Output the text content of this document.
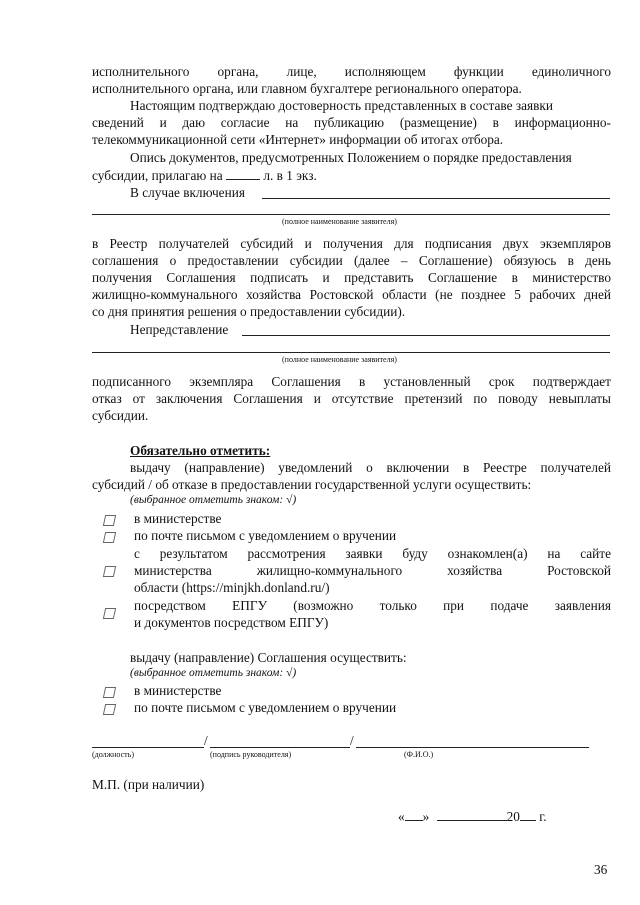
исполнительного органа, лице, исполняющем функции единоличного
исполнительного органа, или главном бухгалтере регионального оператора.
Настоящим подтверждаю достоверность представленных в составе заявки
сведений и даю согласие на публикацию (размещение) в информационно-
телекоммуникационной сети «Интернет» информации об итогах отбора.
Опись документов, предусмотренных Положением о порядке предоставления
субсидии, прилагаю на	л. в 1 экз.
В случае включения
(полное наименование заявителя)
в Реестр получателей субсидий и получения для подписания двух экземпляров
соглашения о предоставлении субсидии (далее – Соглашение) обязуюсь в день
получения Соглашения подписать и представить Соглашение в министерство
жилищно-коммунального хозяйства Ростовской области (не позднее 5 рабочих дней
со дня принятия решения о предоставлении субсидии).
Непредставление
(полное наименование заявителя)
подписанного экземпляра Соглашения в установленный срок подтверждает
отказ от заключения Соглашения и отсутствие претензий по поводу невыплаты
субсидии.
Обязательно отметить:
выдачу (направление) уведомлений о включении в Реестре получателей
субсидий / об отказе в предоставлении государственной услуги осуществить:
(выбранное отметить знаком: √)
в министерстве
по почте письмом с уведомлением о вручении
с результатом рассмотрения заявки буду ознакомлен(а) на сайте
министерства жилищно-коммунального хозяйства Ростовской
области (https://minjkh.donland.ru/)
посредством ЕПГУ (возможно только при подаче заявления
и документов посредством ЕПГУ)
выдачу (направление) Соглашения осуществить:
(выбранное отметить знаком: √)
в министерстве
по почте письмом с уведомлением о вручении
/	/
(должность)	(подпись руководителя)	(Ф.И.О.)
М.П. (при наличии)
« »	20 г.
36
